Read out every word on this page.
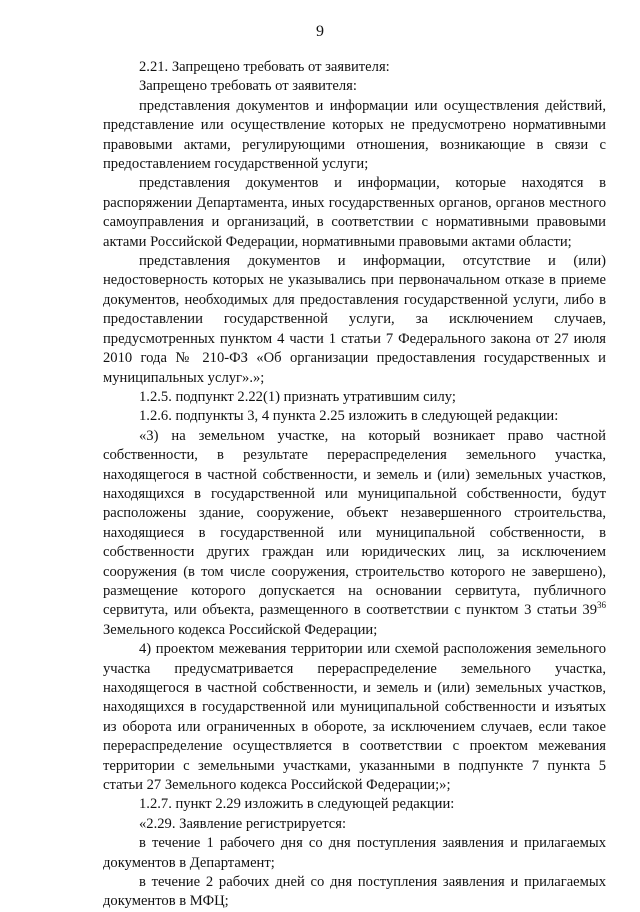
9

2.21. Запрещено требовать от заявителя:

Запрещено требовать от заявителя:

представления документов и информации или осуществления действий, представление или осуществление которых не предусмотрено нормативными правовыми актами, регулирующими отношения, возникающие в связи с предоставлением государственной услуги;

представления документов и информации, которые находятся в распоряжении Департамента, иных государственных органов, органов местного самоуправления и организаций, в соответствии с нормативными правовыми актами Российской Федерации, нормативными правовыми актами области;

представления документов и информации, отсутствие и (или) недостоверность которых не указывались при первоначальном отказе в приеме документов, необходимых для предоставления государственной услуги, либо в предоставлении государственной услуги, за исключением случаев, предусмотренных пунктом 4 части 1 статьи 7 Федерального закона от 27 июля 2010 года № 210-ФЗ «Об организации предоставления государственных и муниципальных услуг».»;

1.2.5. подпункт 2.22(1) признать утратившим силу;

1.2.6. подпункты 3, 4 пункта 2.25 изложить в следующей редакции:

«3) на земельном участке, на который возникает право частной собственности, в результате перераспределения земельного участка, находящегося в частной собственности, и земель и (или) земельных участков, находящихся в государственной или муниципальной собственности, будут расположены здание, сооружение, объект незавершенного строительства, находящиеся в государственной или муниципальной собственности, в собственности других граждан или юридических лиц, за исключением сооружения (в том числе сооружения, строительство которого не завершено), размещение которого допускается на основании сервитута, публичного сервитута, или объекта, размещенного в соответствии с пунктом 3 статьи $39^{36}$ Земельного кодекса Российской Федерации;

4) проектом межевания территории или схемой расположения земельного участка предусматривается перераспределение земельного участка, находящегося в частной собственности, и земель и (или) земельных участков, находящихся в государственной или муниципальной собственности и изъятых из оборота или ограниченных в обороте, за исключением случаев, если такое перераспределение осуществляется в соответствии с проектом межевания территории с земельными участками, указанными в подпункте 7 пункта 5 статьи 27 Земельного кодекса Российской Федерации;»;

1.2.7. пункт 2.29 изложить в следующей редакции:

«2.29. Заявление регистрируется:

в течение 1 рабочего дня со дня поступления заявления и прилагаемых документов в Департамент;

в течение 2 рабочих дней со дня поступления заявления и прилагаемых документов в МФЦ;
